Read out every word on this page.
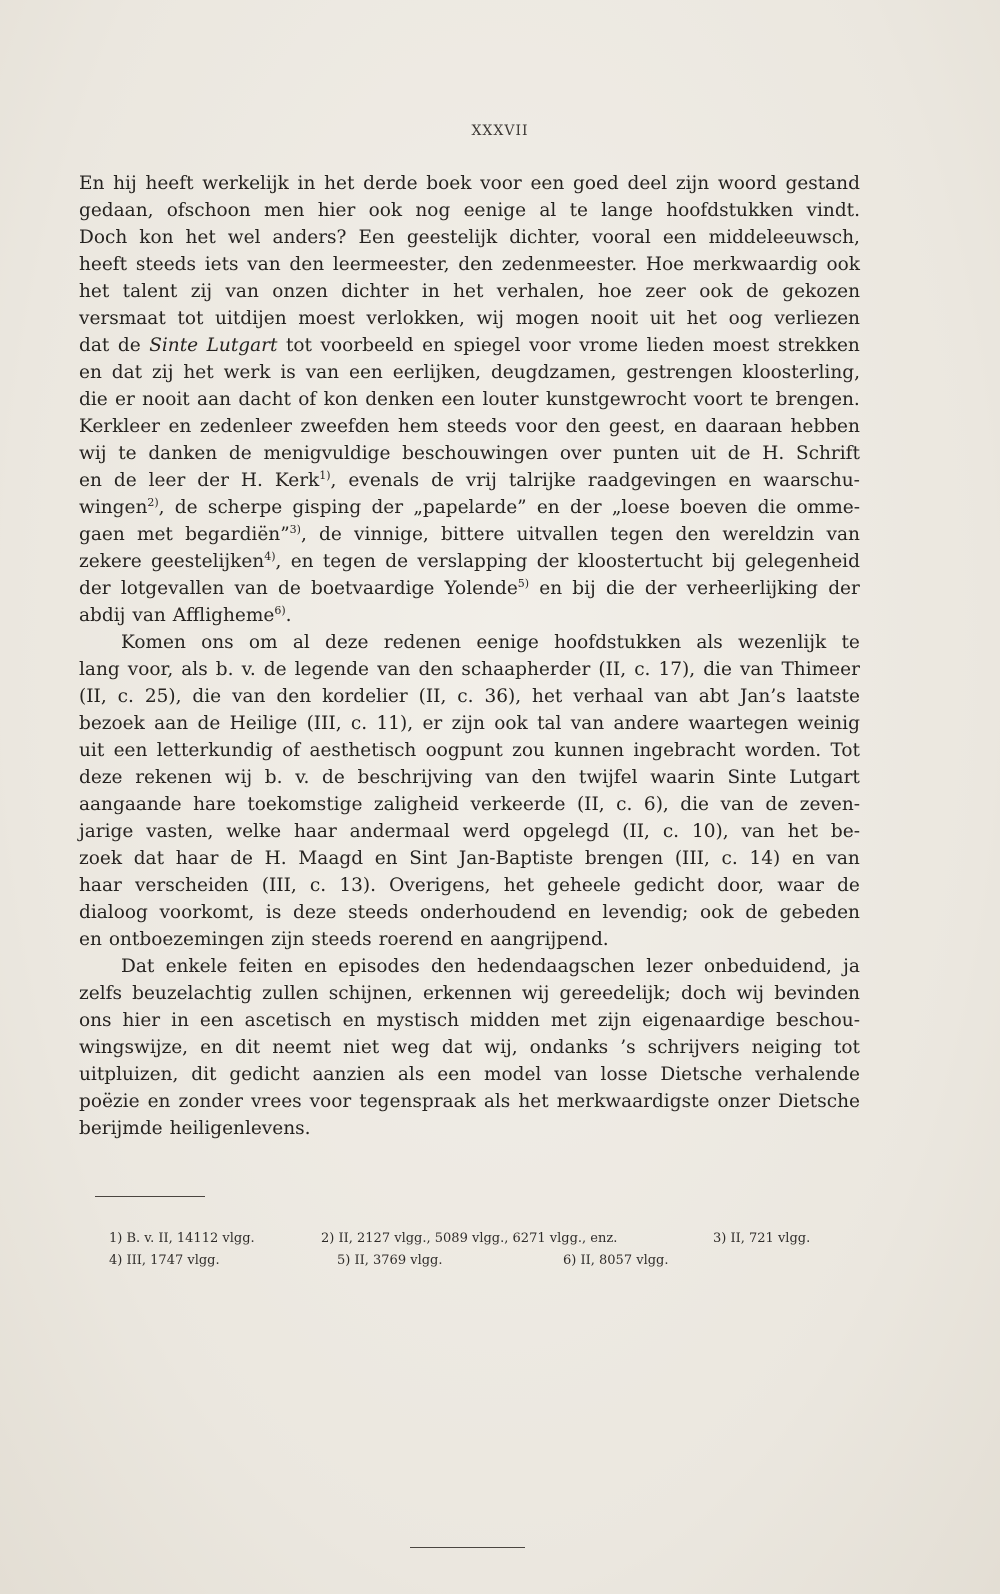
XXXVII
En hij heeft werkelijk in het derde boek voor een goed deel zijn woord gestand
gedaan, ofschoon men hier ook nog eenige al te lange hoofdstukken vindt.
Doch kon het wel anders? Een geestelijk dichter, vooral een middeleeuwsch,
heeft steeds iets van den leermeester, den zedenmeester. Hoe merkwaardig ook
het talent zij van onzen dichter in het verhalen, hoe zeer ook de gekozen
versmaat tot uitdijen moest verlokken, wij mogen nooit uit het oog verliezen
dat de Sinte Lutgart tot voorbeeld en spiegel voor vrome lieden moest strekken
en dat zij het werk is van een eerlijken, deugdzamen, gestrengen kloosterling,
die er nooit aan dacht of kon denken een louter kunstgewrocht voort te brengen.
Kerkleer en zedenleer zweefden hem steeds voor den geest, en daaraan hebben
wij te danken de menigvuldige beschouwingen over punten uit de H. Schrift
en de leer der H. Kerk$^{1)}$, evenals de vrij talrijke raadgevingen en waarschu-
wingen$^{2)}$, de scherpe gisping der „papelarde” en der „loese boeven die omme-
gaen met begardiën”$^{3)}$, de vinnige, bittere uitvallen tegen den wereldzin van
zekere geestelijken$^{4)}$, en tegen de verslapping der kloostertucht bij gelegenheid
der lotgevallen van de boetvaardige Yolende$^{5)}$ en bij die der verheerlijking der
abdij van Affligheme$^{6)}$.
Komen ons om al deze redenen eenige hoofdstukken als wezenlijk te
lang voor, als b. v. de legende van den schaapherder (II, c. 17), die van Thimeer
(II, c. 25), die van den kordelier (II, c. 36), het verhaal van abt Jan’s laatste
bezoek aan de Heilige (III, c. 11), er zijn ook tal van andere waartegen weinig
uit een letterkundig of aesthetisch oogpunt zou kunnen ingebracht worden. Tot
deze rekenen wij b. v. de beschrijving van den twijfel waarin Sinte Lutgart
aangaande hare toekomstige zaligheid verkeerde (II, c. 6), die van de zeven-
jarige vasten, welke haar andermaal werd opgelegd (II, c. 10), van het be-
zoek dat haar de H. Maagd en Sint Jan-Baptiste brengen (III, c. 14) en van
haar verscheiden (III, c. 13). Overigens, het geheele gedicht door, waar de
dialoog voorkomt, is deze steeds onderhoudend en levendig; ook de gebeden
en ontboezemingen zijn steeds roerend en aangrijpend.
Dat enkele feiten en episodes den hedendaagschen lezer onbeduidend, ja
zelfs beuzelachtig zullen schijnen, erkennen wij gereedelijk; doch wij bevinden
ons hier in een ascetisch en mystisch midden met zijn eigenaardige beschou-
wingswijze, en dit neemt niet weg dat wij, ondanks ’s schrijvers neiging tot
uitpluizen, dit gedicht aanzien als een model van losse Dietsche verhalende
poëzie en zonder vrees voor tegenspraak als het merkwaardigste onzer Dietsche
berijmde heiligenlevens.
1) B. v. II, 14112 vlgg.	2) II, 2127 vlgg., 5089 vlgg., 6271 vlgg., enz.	3) II, 721 vlgg.
4) III, 1747 vlgg.	5) II, 3769 vlgg.	6) II, 8057 vlgg.
